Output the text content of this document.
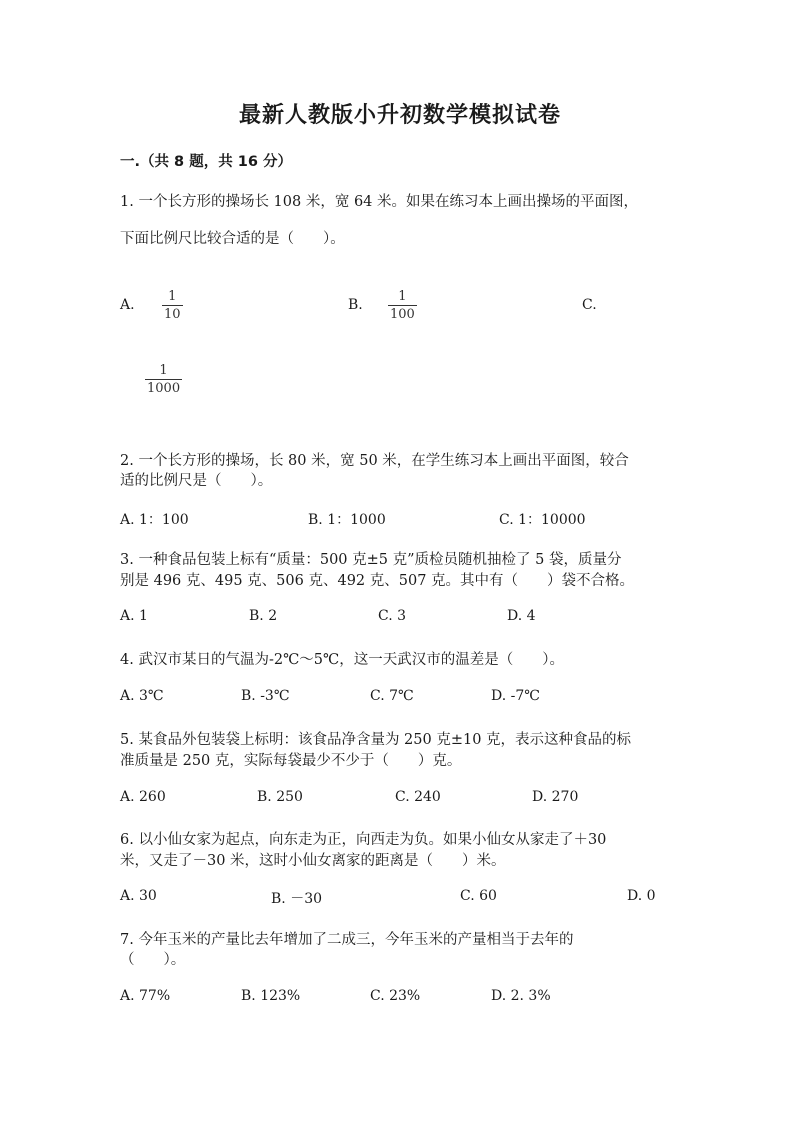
最新人教版小升初数学模拟试卷
一.（共 8 题，共 16 分）
1. 一个长方形的操场长 108 米，宽 64 米。如果在练习本上画出操场的平面图，
下面比例尺比较合适的是（　　）。
A.
1
10
B.
1
100
C.
1
1000
2. 一个长方形的操场，长 80 米，宽 50 米，在学生练习本上画出平面图，较合
适的比例尺是（　　）。
A. 1：100	B. 1：1000	C. 1：10000
3. 一种食品包装上标有“质量：500 克±5 克”质检员随机抽检了 5 袋，质量分
别是 496 克、495 克、506 克、492 克、507 克。其中有（　　）袋不合格。
A. 1	B. 2	C. 3	D. 4
4. 武汉市某日的气温为-2℃～5℃，这一天武汉市的温差是（　　）。
A. 3℃	B. -3℃	C. 7℃	D. -7℃
5. 某食品外包装袋上标明：该食品净含量为 250 克±10 克，表示这种食品的标
准质量是 250 克，实际每袋最少不少于（　　）克。
A. 260	B. 250	C. 240	D. 270
6. 以小仙女家为起点，向东走为正，向西走为负。如果小仙女从家走了＋30
米，又走了－30 米，这时小仙女离家的距离是（　　）米。
A. 30	B. －30	C. 60	D. 0
7. 今年玉米的产量比去年增加了二成三，今年玉米的产量相当于去年的
（　　）。
A. 77%	B. 123%	C. 23%	D. 2. 3%
